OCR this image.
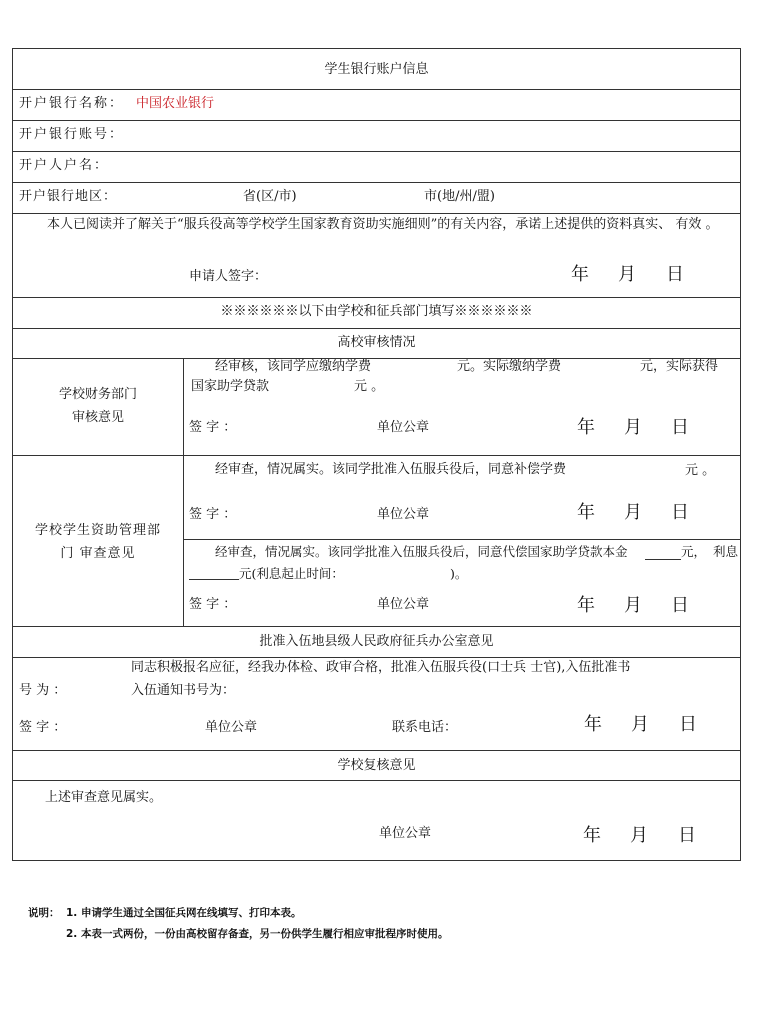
学生银行账户信息
开户银行名称： 中国农业银行
开户银行账号：
开户人户名：
开户银行地区：	省(区/市)	市(地/州/盟)
本人已阅读并了解关于“服兵役高等学校学生国家教育资助实施细则”的有关内容，承诺上述提供的资料真实、 有效 。
申请人签字：	年 月 日
※※※※※※以下由学校和征兵部门填写※※※※※※
高校审核情况
学校财务部门
审核意见
经审核，该同学应缴纳学费	元。实际缴纳学费	元，实际获得
国家助学贷款	元 。
签 字 ：	单位公章	年 月 日
学校学生资助管理部
门 审查意见
经审查，情况属实。该同学批准入伍服兵役后，同意补偿学费	元 。
签 字 ：	单位公章	年 月 日
经审查，情况属实。该同学批准入伍服兵役后，同意代偿国家助学贷款本金	元， 利息
元(利息起止时间：	)。
签 字 ：	单位公章	年 月 日
批准入伍地县级人民政府征兵办公室意见
同志积极报名应征，经我办体检、政审合格，批准入伍服兵役(口士兵 士官),入伍批准书
号 为 ：	入伍通知书号为：
签 字 ：	单位公章	联系电话：	年 月 日
学校复核意见
上述审查意见属实。
单位公章	年 月 日
说明： 1. 申请学生通过全国征兵网在线填写、打印本表。
2. 本表一式两份，一份由高校留存备查，另一份供学生履行相应审批程序时使用。
